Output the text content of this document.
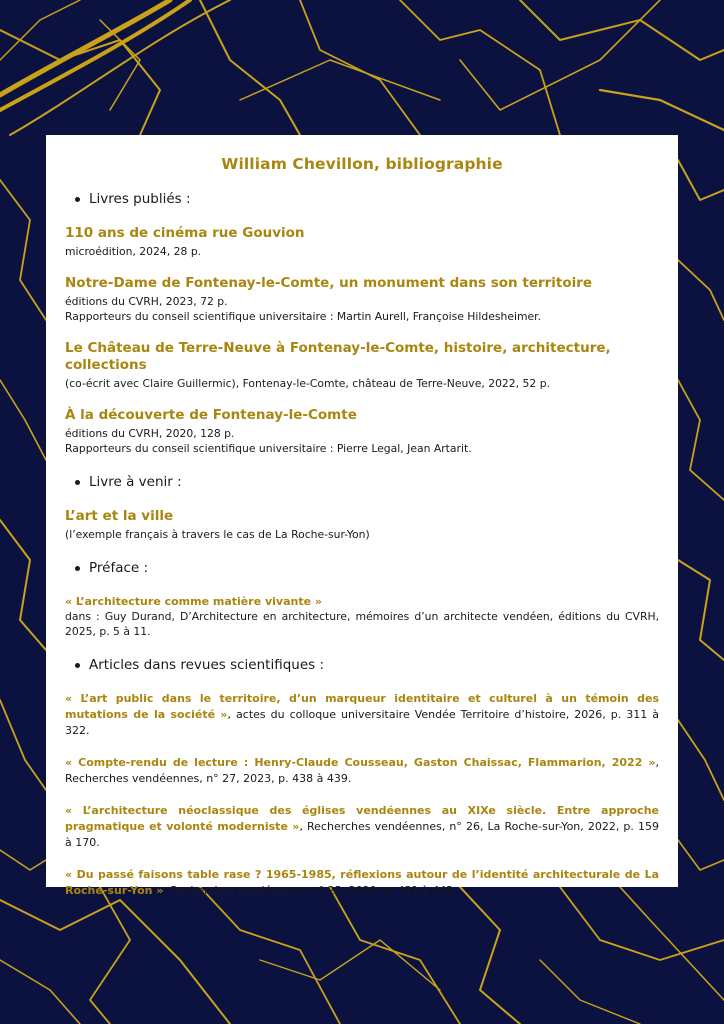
William Chevillon, bibliographie
Livres publiés :
110 ans de cinéma rue Gouvion
microédition, 2024, 28 p.
Notre-Dame de Fontenay-le-Comte, un monument dans son territoire
éditions du CVRH, 2023, 72 p.
Rapporteurs du conseil scientifique universitaire : Martin Aurell, Françoise Hildesheimer.
Le Château de Terre-Neuve à Fontenay-le-Comte, histoire, architecture, collections
(co-écrit avec Claire Guillermic), Fontenay-le-Comte, château de Terre-Neuve, 2022, 52 p.
À la découverte de Fontenay-le-Comte
éditions du CVRH, 2020, 128 p.
Rapporteurs du conseil scientifique universitaire : Pierre Legal, Jean Artarit.
Livre à venir :
L’art et la ville
(l’exemple français à travers le cas de La Roche-sur-Yon)
Préface :
« L’architecture comme matière vivante »
dans : Guy Durand, D’Architecture en architecture, mémoires d’un architecte vendéen, éditions du CVRH, 2025, p. 5 à 11.
Articles dans revues scientifiques :
« L’art public dans le territoire, d’un marqueur identitaire et culturel à un témoin des mutations de la société », actes du colloque universitaire Vendée Territoire d’histoire, 2026, p. 311 à 322.
« Compte-rendu de lecture : Henry-Claude Cousseau, Gaston Chaissac, Flammarion, 2022 », Recherches vendéennes, n° 27, 2023, p. 438 à 439.
« L’architecture néoclassique des églises vendéennes au XIXe siècle. Entre approche pragmatique et volonté moderniste », Recherches vendéennes, n° 26, La Roche-sur-Yon, 2022, p. 159 à 170.
« Du passé faisons table rase ? 1965-1985, réflexions autour de l’identité architecturale de La Roche-sur-Yon », Recherches vendéennes, n° 25, 2020, p. 431 à 442.
